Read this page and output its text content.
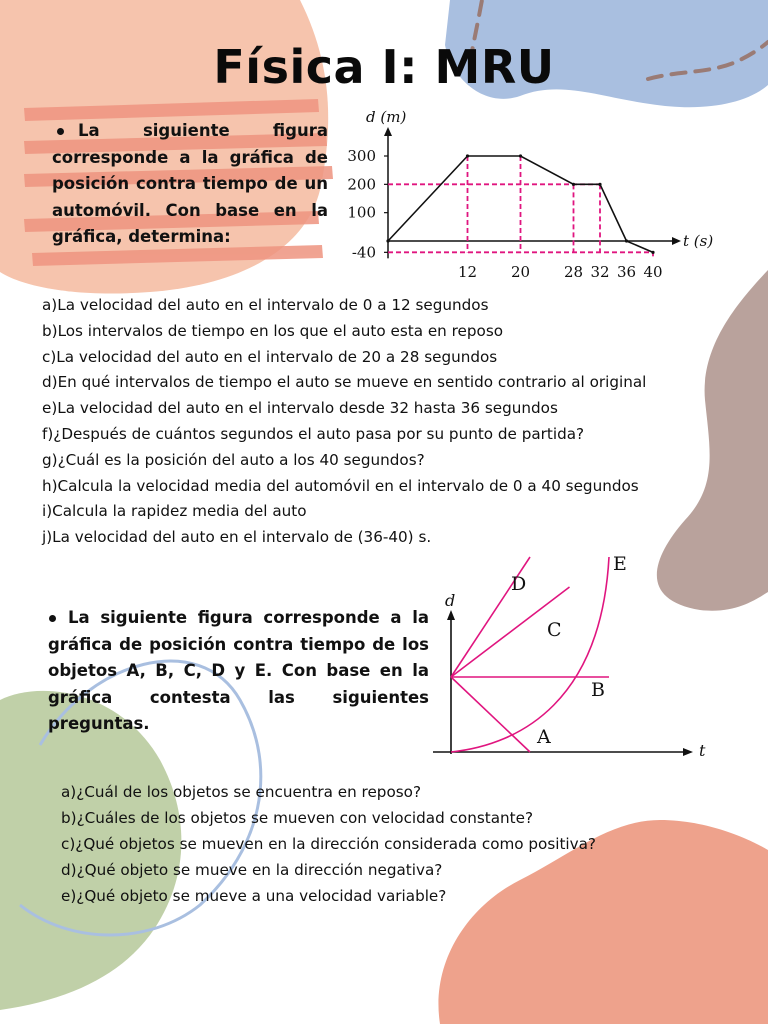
Física I: MRU

La siguiente figura corresponde a la gráfica de posición contra tiempo de un automóvil. Con base en la gráfica, determina:

300
200
100
-40
12 20 28 32 36 40
d (m)
t (s)
a)La velocidad del auto en el intervalo de 0 a 12 segundos
b)Los intervalos de tiempo en los que el auto esta en reposo
c)La velocidad del auto en el intervalo de 20 a 28 segundos
d)En qué intervalos de tiempo el auto se mueve en sentido contrario al original
e)La velocidad del auto en el intervalo desde 32 hasta 36 segundos
f)¿Después de cuántos segundos el auto pasa por su punto de partida?
g)¿Cuál es la posición del auto a los 40 segundos?
h)Calcula la velocidad media del automóvil en el intervalo de 0 a 40 segundos
i)Calcula la rapidez media del auto
j)La velocidad del auto en el intervalo de (36-40) s.

La siguiente figura corresponde a la gráfica de posición contra tiempo de los objetos A, B, C, D y E. Con base en la gráfica contesta las siguientes preguntas.

A
B
C
D
E
d
t
a)¿Cuál de los objetos se encuentra en reposo?
b)¿Cuáles de los objetos se mueven con velocidad constante?
c)¿Qué objetos se mueven en la dirección considerada como positiva?
d)¿Qué objeto se mueve en la dirección negativa?
e)¿Qué objeto se mueve a una velocidad variable?
